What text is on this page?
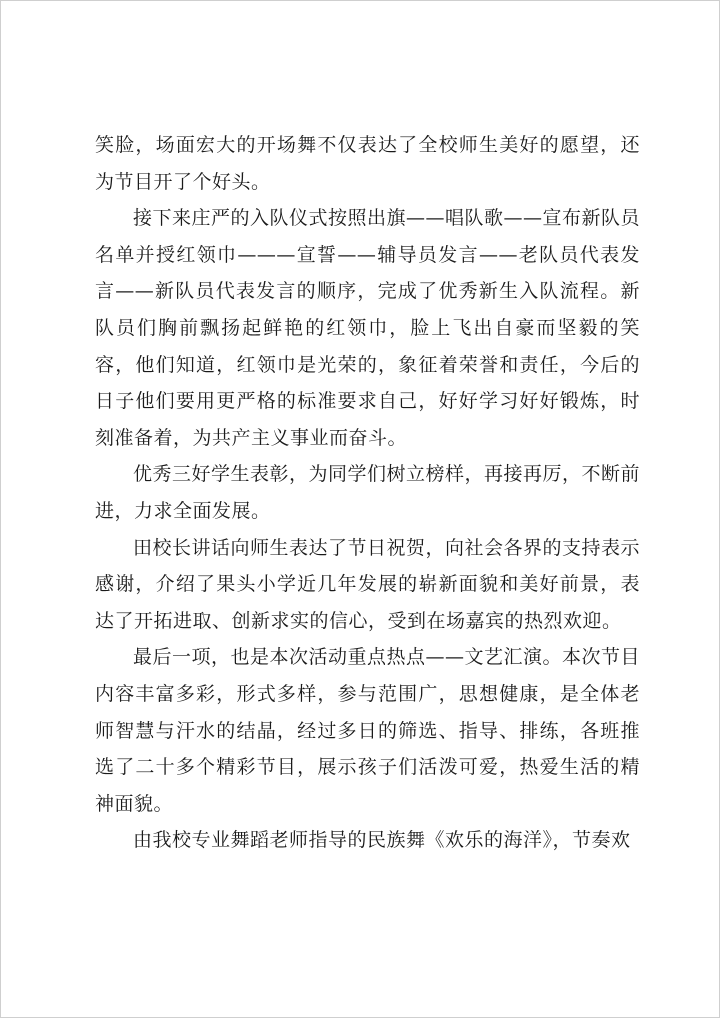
笑脸，场面宏大的开场舞不仅表达了全校师生美好的愿望，还为节目开了个好头。

接下来庄严的入队仪式按照出旗——唱队歌——宣布新队员名单并授红领巾———宣誓——辅导员发言——老队员代表发言——新队员代表发言的顺序，完成了优秀新生入队流程。新队员们胸前飘扬起鲜艳的红领巾，脸上飞出自豪而坚毅的笑容，他们知道，红领巾是光荣的，象征着荣誉和责任，今后的日子他们要用更严格的标准要求自己，好好学习好好锻炼，时刻准备着，为共产主义事业而奋斗。

优秀三好学生表彰，为同学们树立榜样，再接再厉，不断前进，力求全面发展。

田校长讲话向师生表达了节日祝贺，向社会各界的支持表示感谢，介绍了果头小学近几年发展的崭新面貌和美好前景，表达了开拓进取、创新求实的信心，受到在场嘉宾的热烈欢迎。

最后一项，也是本次活动重点热点——文艺汇演。本次节目内容丰富多彩，形式多样，参与范围广，思想健康，是全体老师智慧与汗水的结晶，经过多日的筛选、指导、排练，各班推选了二十多个精彩节目，展示孩子们活泼可爱，热爱生活的精神面貌。

由我校专业舞蹈老师指导的民族舞《欢乐的海洋》，节奏欢
